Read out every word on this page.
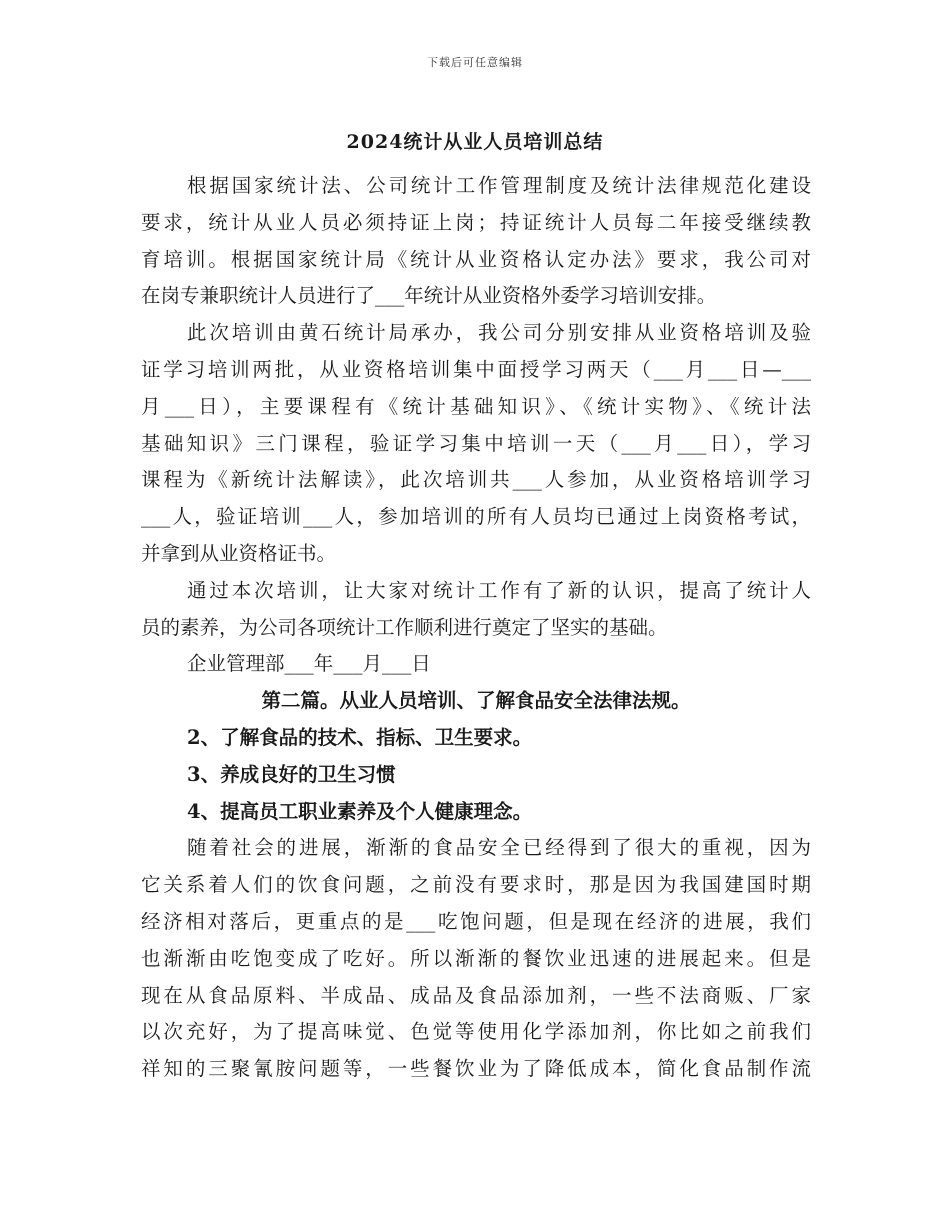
下载后可任意编辑
2024统计从业人员培训总结
根据国家统计法、公司统计工作管理制度及统计法律规范化建设
要求，统计从业人员必须持证上岗；持证统计人员每二年接受继续教
育培训。根据国家统计局《统计从业资格认定办法》要求，我公司对
在岗专兼职统计人员进行了___年统计从业资格外委学习培训安排。
此次培训由黄石统计局承办，我公司分别安排从业资格培训及验
证学习培训两批，从业资格培训集中面授学习两天（___月___日—___
月___日），主要课程有《统计基础知识》、《统计实物》、《统计法
基础知识》三门课程，验证学习集中培训一天（___月___日），学习
课程为《新统计法解读》，此次培训共___人参加，从业资格培训学习
___人，验证培训___人，参加培训的所有人员均已通过上岗资格考试，
并拿到从业资格证书。
通过本次培训，让大家对统计工作有了新的认识，提高了统计人
员的素养，为公司各项统计工作顺利进行奠定了坚实的基础。
企业管理部___年___月___日
第二篇。从业人员培训、了解食品安全法律法规。
2、了解食品的技术、指标、卫生要求。
3、养成良好的卫生习惯
4、提高员工职业素养及个人健康理念。
随着社会的进展，渐渐的食品安全已经得到了很大的重视，因为
它关系着人们的饮食问题，之前没有要求时，那是因为我国建国时期
经济相对落后，更重点的是___吃饱问题，但是现在经济的进展，我们
也渐渐由吃饱变成了吃好。所以渐渐的餐饮业迅速的进展起来。但是
现在从食品原料、半成品、成品及食品添加剂，一些不法商贩、厂家
以次充好，为了提高味觉、色觉等使用化学添加剂，你比如之前我们
祥知的三聚氰胺问题等，一些餐饮业为了降低成本，简化食品制作流
